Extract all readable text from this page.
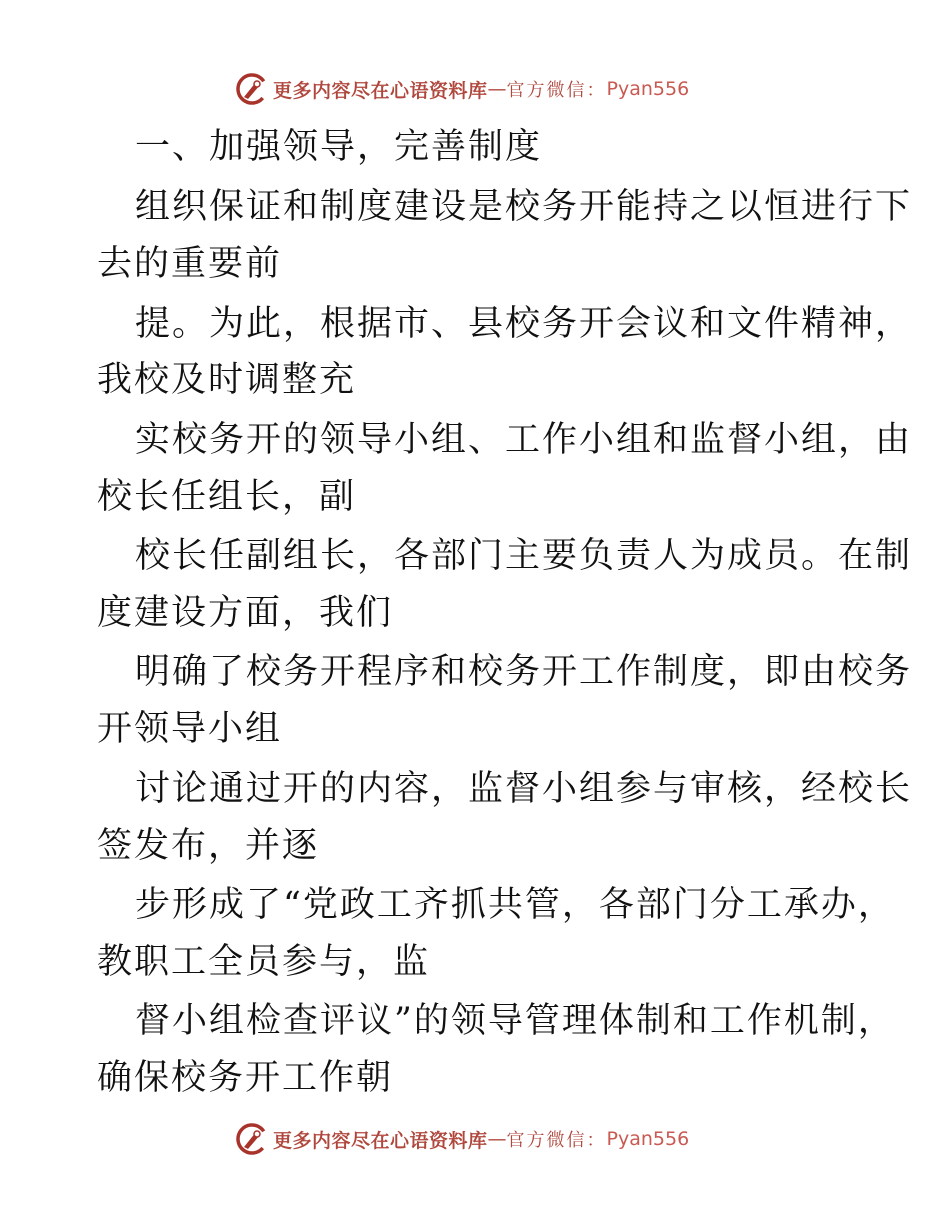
更多内容尽在心语资料库 — 官方微信： Pyan556
一、加强领导，完善制度
组织保证和制度建设是校务开能持之以恒进行下
去的重要前
提。为此，根据市、县校务开会议和文件精神，
我校及时调整充
实校务开的领导小组、工作小组和监督小组，由
校长任组长，副
校长任副组长，各部门主要负责人为成员。在制
度建设方面，我们
明确了校务开程序和校务开工作制度，即由校务
开领导小组
讨论通过开的内容，监督小组参与审核，经校长
签发布，并逐
步形成了“党政工齐抓共管，各部门分工承办，
教职工全员参与，监
督小组检查评议”的领导管理体制和工作机制，
确保校务开工作朝
更多内容尽在心语资料库 — 官方微信： Pyan556
